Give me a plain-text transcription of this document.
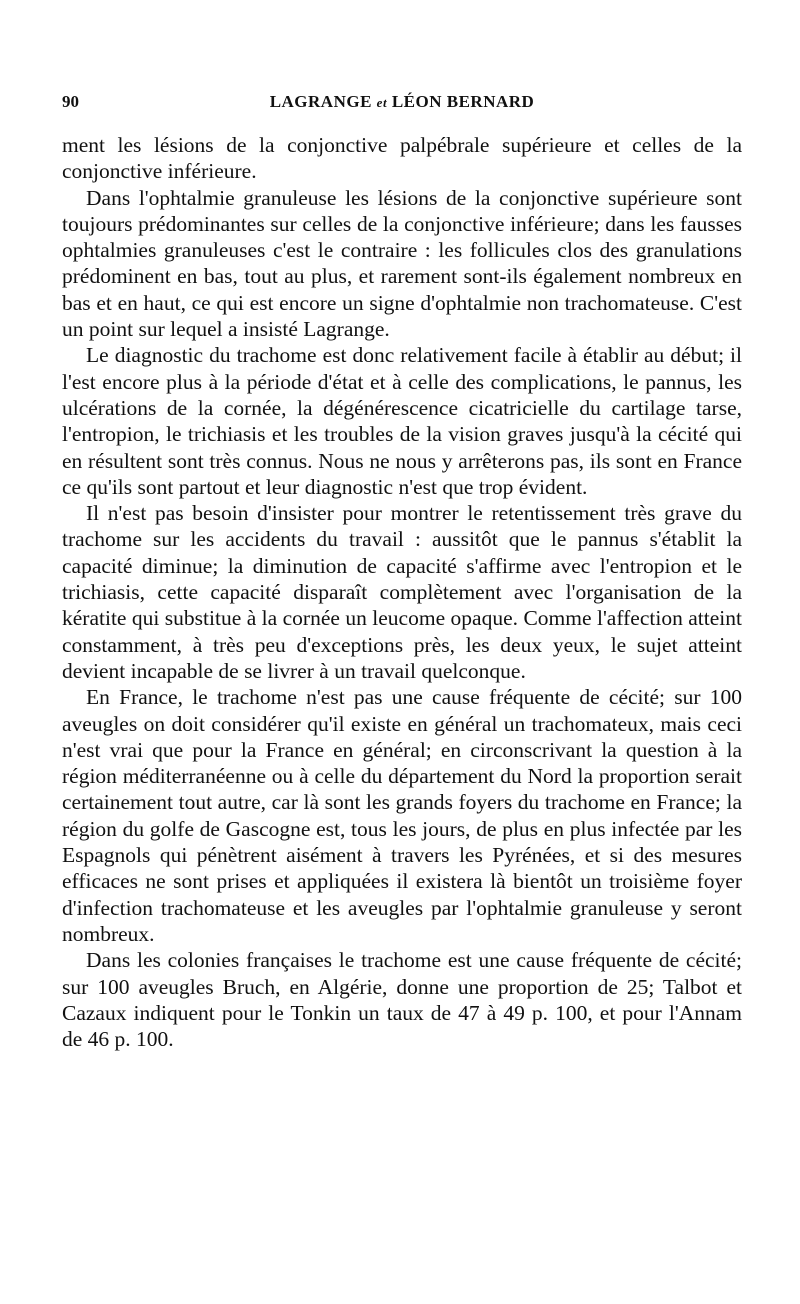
90	LAGRANGE et LÉON BERNARD

ment les lésions de la conjonctive palpébrale supérieure et celles de la conjonctive inférieure.

Dans l'ophtalmie granuleuse les lésions de la conjonctive supérieure sont toujours prédominantes sur celles de la conjonctive inférieure; dans les fausses ophtalmies granuleuses c'est le contraire : les follicules clos des granulations prédominent en bas, tout au plus, et rarement sont-ils également nombreux en bas et en haut, ce qui est encore un signe d'ophtalmie non trachomateuse. C'est un point sur lequel a insisté Lagrange.

Le diagnostic du trachome est donc relativement facile à établir au début; il l'est encore plus à la période d'état et à celle des complications, le pannus, les ulcérations de la cornée, la dégénérescence cicatricielle du cartilage tarse, l'entropion, le trichiasis et les troubles de la vision graves jusqu'à la cécité qui en résultent sont très connus. Nous ne nous y arrêterons pas, ils sont en France ce qu'ils sont partout et leur diagnostic n'est que trop évident.

Il n'est pas besoin d'insister pour montrer le retentissement très grave du trachome sur les accidents du travail : aussitôt que le pannus s'établit la capacité diminue; la diminution de capacité s'affirme avec l'entropion et le trichiasis, cette capacité disparaît complètement avec l'organisation de la kératite qui substitue à la cornée un leucome opaque. Comme l'affection atteint constamment, à très peu d'exceptions près, les deux yeux, le sujet atteint devient incapable de se livrer à un travail quelconque.

En France, le trachome n'est pas une cause fréquente de cécité; sur 100 aveugles on doit considérer qu'il existe en général un trachomateux, mais ceci n'est vrai que pour la France en général; en circonscrivant la question à la région méditerranéenne ou à celle du département du Nord la proportion serait certainement tout autre, car là sont les grands foyers du trachome en France; la région du golfe de Gascogne est, tous les jours, de plus en plus infectée par les Espagnols qui pénètrent aisément à travers les Pyrénées, et si des mesures efficaces ne sont prises et appliquées il existera là bientôt un troisième foyer d'infection trachomateuse et les aveugles par l'ophtalmie granuleuse y seront nombreux.

Dans les colonies françaises le trachome est une cause fréquente de cécité; sur 100 aveugles Bruch, en Algérie, donne une proportion de 25; Talbot et Cazaux indiquent pour le Tonkin un taux de 47 à 49 p. 100, et pour l'Annam de 46 p. 100.
